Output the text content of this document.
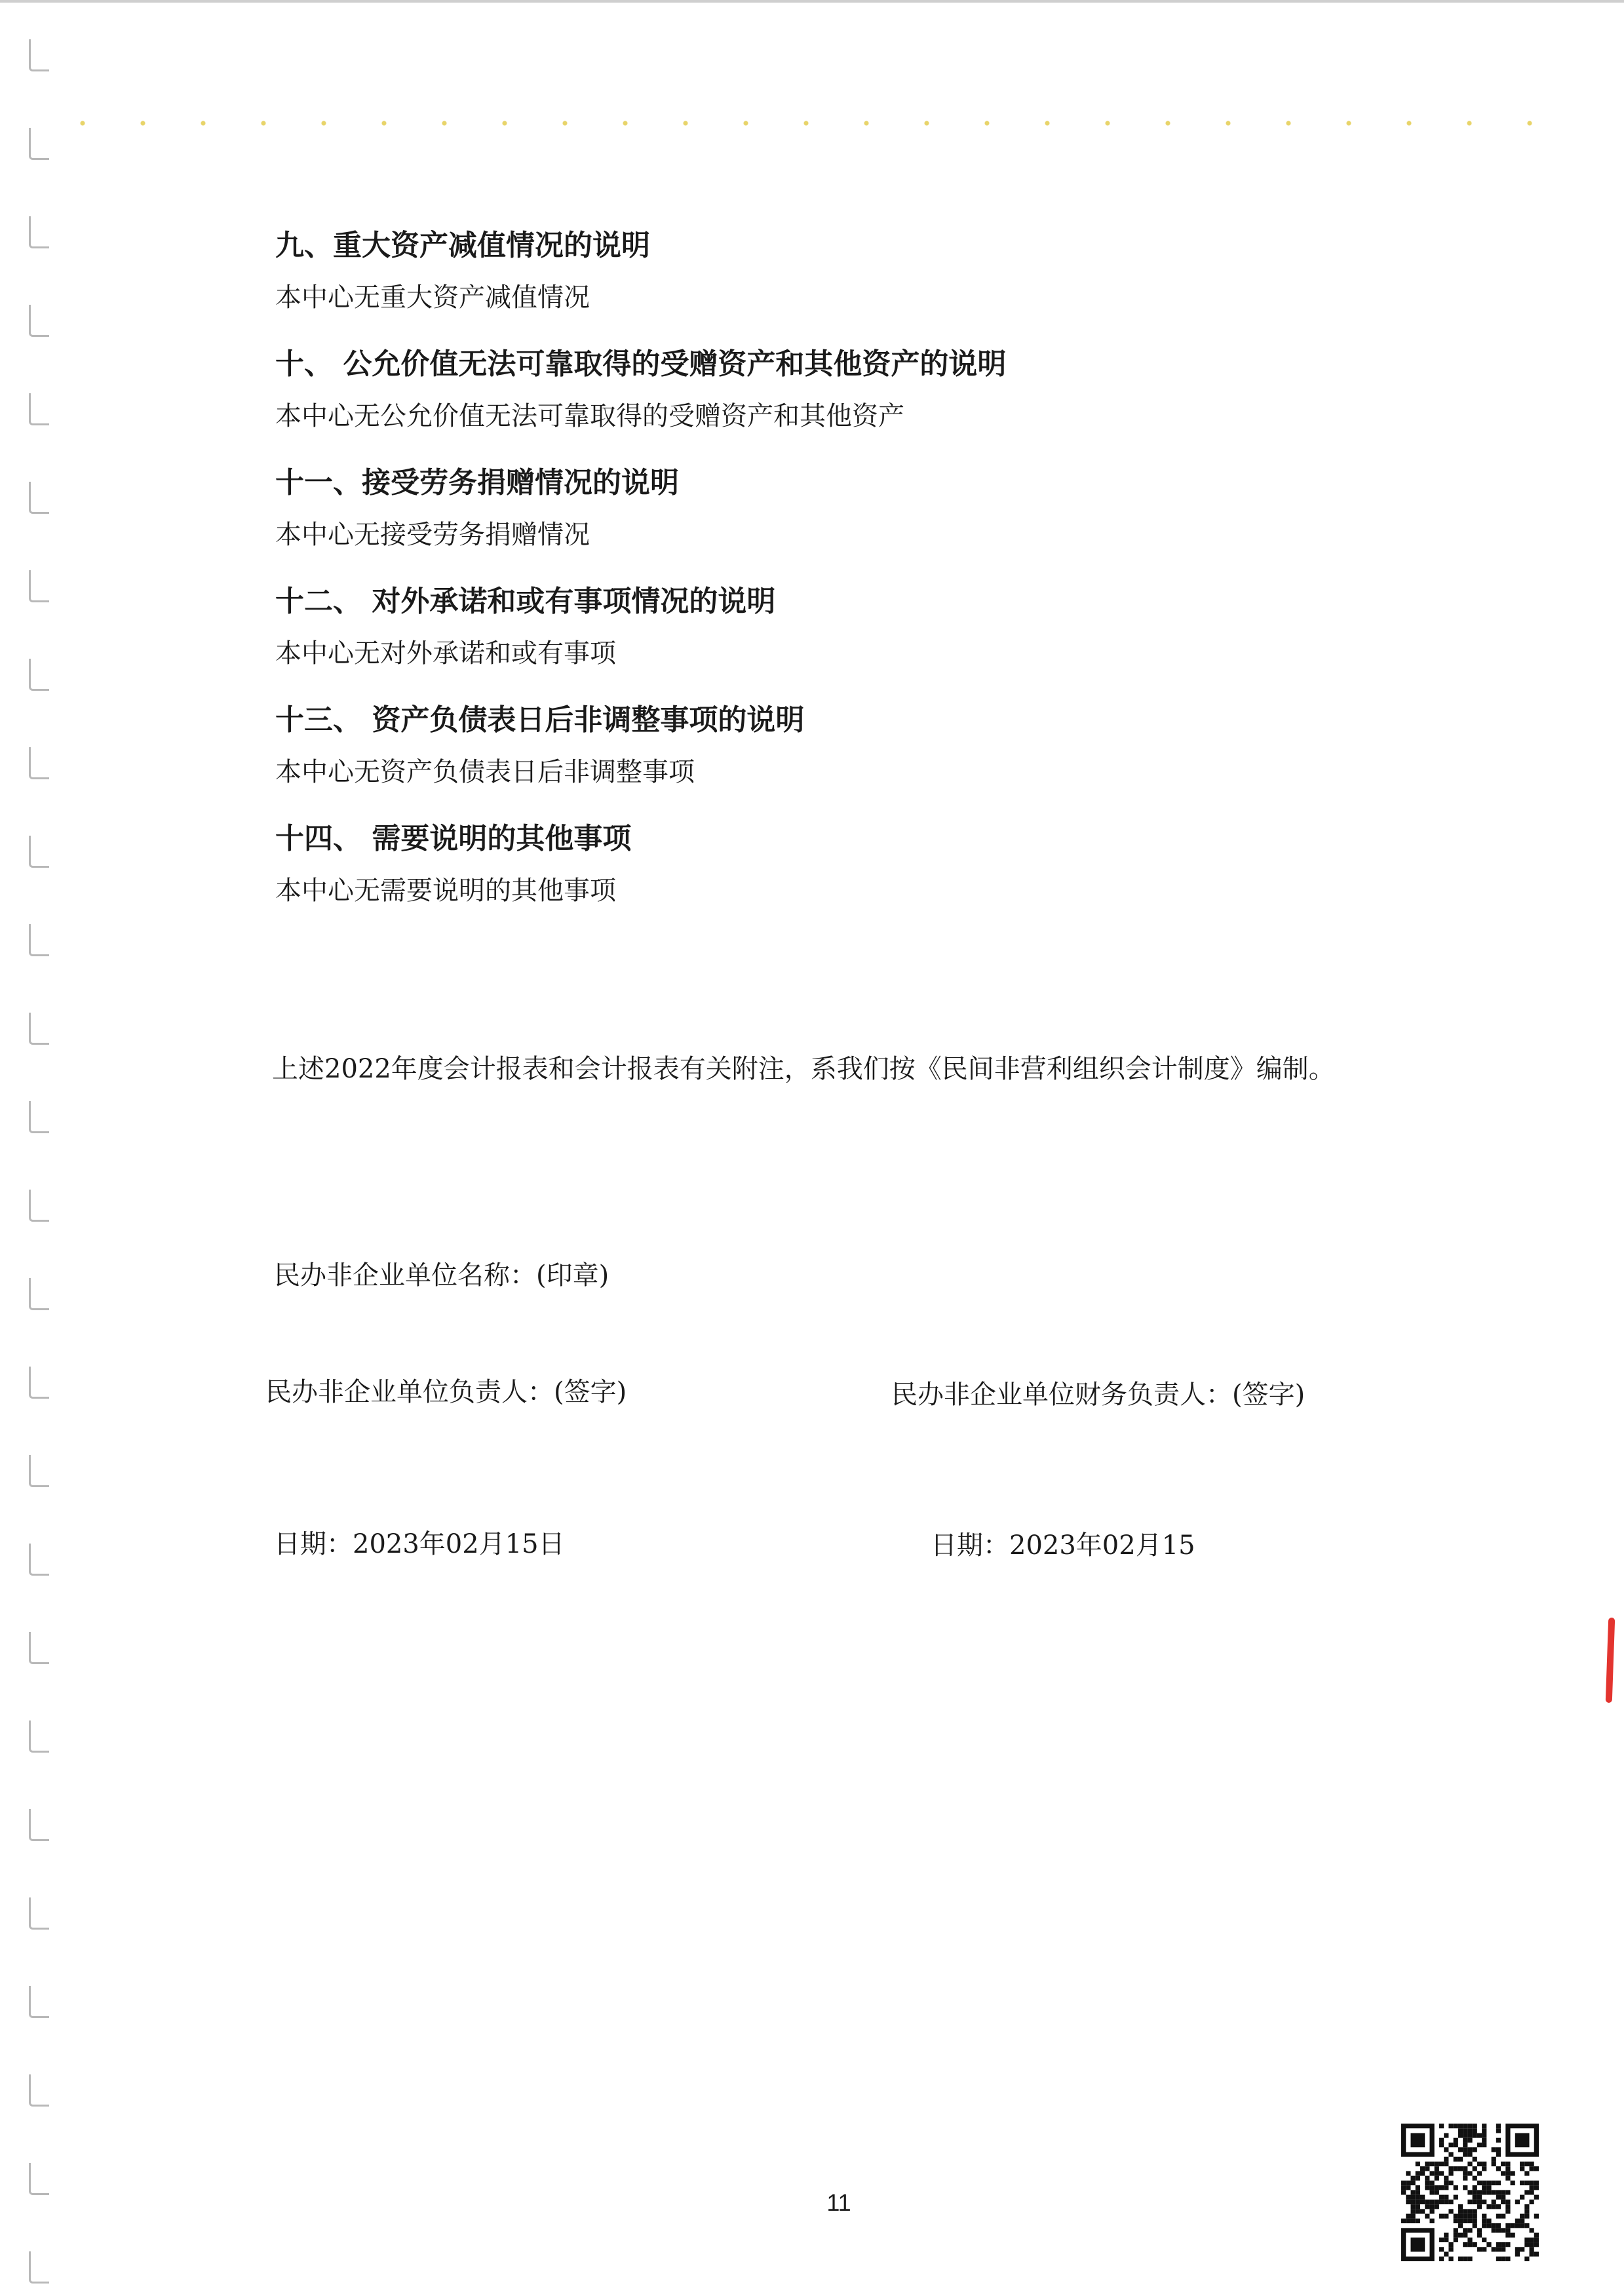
九、重大资产减值情况的说明

本中心无重大资产减值情况

十、 公允价值无法可靠取得的受赠资产和其他资产的说明

本中心无公允价值无法可靠取得的受赠资产和其他资产

十一、接受劳务捐赠情况的说明

本中心无接受劳务捐赠情况

十二、 对外承诺和或有事项情况的说明

本中心无对外承诺和或有事项

十三、 资产负债表日后非调整事项的说明

本中心无资产负债表日后非调整事项

十四、 需要说明的其他事项

本中心无需要说明的其他事项

上述2022年度会计报表和会计报表有关附注，系我们按《民间非营利组织会计制度》编制。

民办非企业单位名称：(印章)

民办非企业单位负责人：(签字)	民办非企业单位财务负责人：(签字)

日期：2023年02月15日	日期：2023年02月15

11
